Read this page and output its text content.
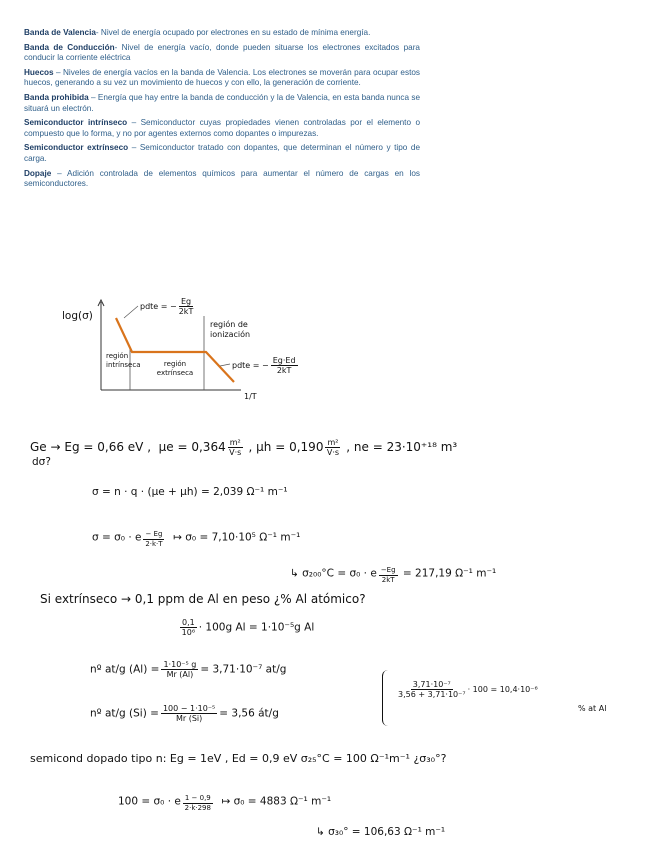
Banda de Valencia- Nivel de energía ocupado por electrones en su estado de mínima energía.

Banda de Conducción- Nivel de energía vacío, donde pueden situarse los electrones excitados para conducir la corriente eléctrica

Huecos – Niveles de energía vacíos en la banda de Valencia. Los electrones se moverán para ocupar estos huecos, generando a su vez un movimiento de huecos y con ello, la generación de corriente.

Banda prohibida – Energía que hay entre la banda de conducción y la de Valencia, en esta banda nunca se situará un electrón.

Semiconductor intrínseco – Semiconductor cuyas propiedades vienen controladas por el elemento o compuesto que lo forma, y no por agentes externos como dopantes o impurezas.

Semiconductor extrínseco – Semiconductor tratado con dopantes, que determinan el número y tipo de carga.

Dopaje – Adición controlada de elementos químicos para aumentar el número de cargas en los semiconductores.

log(σ)
1/T
pdte = − $\frac{Eg}{2kT}$
pdte = − $\frac{Eg\cdot Ed}{2kT}$
región de ionización
región intrínseca	región extrínseca
Ge → Eg = 0,66 eV , $\mu e = 0,364 \frac{\text{m²}}{V\cdot s}$ , $\mu h = 0,190 \frac{\text{m²}}{V\cdot s}$ , ne = 23·10⁺¹⁸ m³
dσ?
σ = n · q · (μe + μh) = 2,039 Ω⁻¹ m⁻¹
σ = σ₀ · e $\frac{- Eg}{2\cdot k\cdot T}$ ↦ σ₀ = 7,10·10⁵ Ω⁻¹ m⁻¹
↳ σ₂₀₀°C = σ₀ · e $\frac{-Eg}{2kT} = 217,19$ Ω⁻¹ m⁻¹
Si extrínseco → 0,1 ppm de Al en peso ¿% Al atómico?
$\frac{0,1}{\text{10⁶}} \cdot 100g$ Al = 1·10⁻⁵g Al
nº at/g $(Al) = \frac{\text{1·10⁻⁵ g}}{Mr (Al)} = 3,71\cdot 10^{-7}$ at/g
nº at/g $(Si) = \frac{\text{100 − 1·10⁻⁵}}{Mr (Si)} = 3,56$ át/g
$\frac{\text{3,71·10⁻⁷}}{\text{3,56 + 3,71·10⁻⁷}} \cdot 100 = 10,4\cdot 10^{-6}$
% at Al
semicond dopado tipo n: Eg = 1eV , Ed = 0,9 eV σ₂₅°C = 100 Ω⁻¹m⁻¹ ¿σ₃₀°?
100 = σ₀ · e $\frac{1 - 0,9}{2\cdot k\cdot 298}$ ↦ σ₀ = 4883 Ω⁻¹ m⁻¹
↳ σ₃₀° = 106,63 Ω⁻¹ m⁻¹
